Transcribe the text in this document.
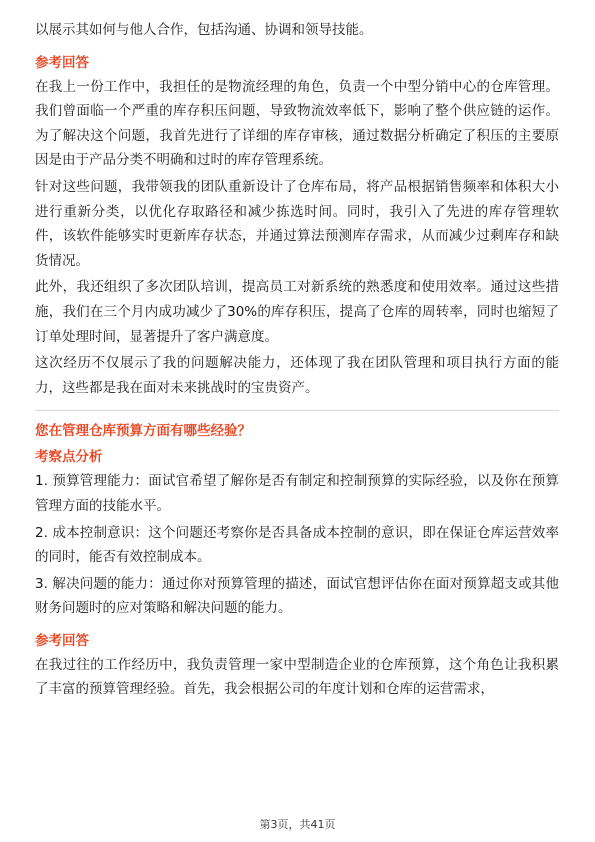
以展示其如何与他人合作，包括沟通、协调和领导技能。

参考回答

在我上一份工作中，我担任的是物流经理的角色，负责一个中型分销中心的仓库管理。我们曾面临一个严重的库存积压问题，导致物流效率低下，影响了整个供应链的运作。为了解决这个问题，我首先进行了详细的库存审核，通过数据分析确定了积压的主要原因是由于产品分类不明确和过时的库存管理系统。

针对这些问题，我带领我的团队重新设计了仓库布局，将产品根据销售频率和体积大小进行重新分类，以优化存取路径和减少拣选时间。同时，我引入了先进的库存管理软件，该软件能够实时更新库存状态，并通过算法预测库存需求，从而减少过剩库存和缺货情况。

此外，我还组织了多次团队培训，提高员工对新系统的熟悉度和使用效率。通过这些措施，我们在三个月内成功减少了30%的库存积压，提高了仓库的周转率，同时也缩短了订单处理时间，显著提升了客户满意度。

这次经历不仅展示了我的问题解决能力，还体现了我在团队管理和项目执行方面的能力，这些都是我在面对未来挑战时的宝贵资产。

您在管理仓库预算方面有哪些经验？

考察点分析

1. 预算管理能力：面试官希望了解你是否有制定和控制预算的实际经验，以及你在预算管理方面的技能水平。

2. 成本控制意识：这个问题还考察你是否具备成本控制的意识，即在保证仓库运营效率的同时，能否有效控制成本。

3. 解决问题的能力：通过你对预算管理的描述，面试官想评估你在面对预算超支或其他财务问题时的应对策略和解决问题的能力。

参考回答

在我过往的工作经历中，我负责管理一家中型制造企业的仓库预算，这个角色让我积累了丰富的预算管理经验。首先，我会根据公司的年度计划和仓库的运营需求，

第3页，共41页
